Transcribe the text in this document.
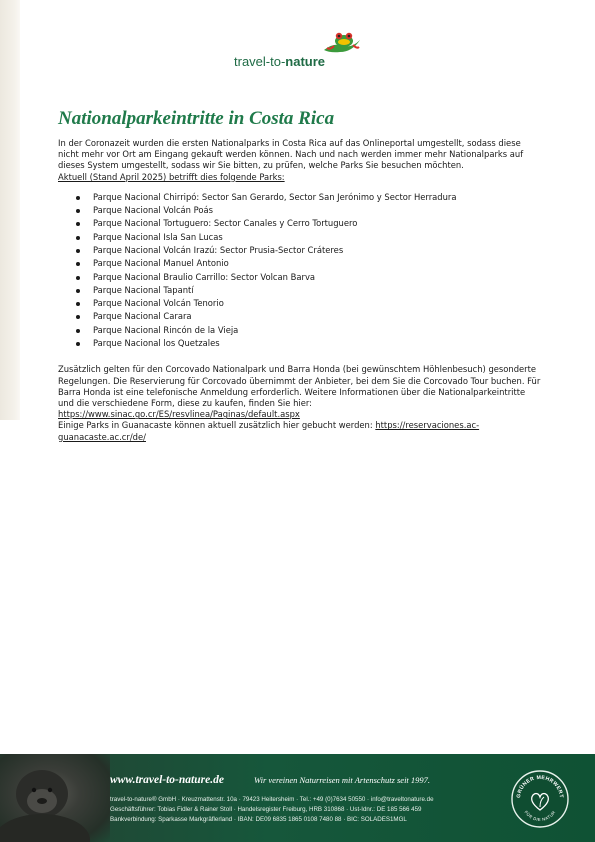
travel-to-nature
Nationalparkeintritte in Costa Rica

In der Coronazeit wurden die ersten Nationalparks in Costa Rica auf das Onlineportal umgestellt, sodass diese nicht mehr vor Ort am Eingang gekauft werden können. Nach und nach werden immer mehr Nationalparks auf dieses System umgestellt, sodass wir Sie bitten, zu prüfen, welche Parks Sie besuchen möchten.

Aktuell (Stand April 2025) betrifft dies folgende Parks:

Parque Nacional Chirripó: Sector San Gerardo, Sector San Jerónimo y Sector Herradura
Parque Nacional Volcán Poás
Parque Nacional Tortuguero: Sector Canales y Cerro Tortuguero
Parque Nacional Isla San Lucas
Parque Nacional Volcán Irazú: Sector Prusia-Sector Cráteres
Parque Nacional Manuel Antonio
Parque Nacional Braulio Carrillo: Sector Volcan Barva
Parque Nacional Tapantí
Parque Nacional Volcán Tenorio
Parque Nacional Carara
Parque Nacional Rincón de la Vieja
Parque Nacional los Quetzales

Zusätzlich gelten für den Corcovado Nationalpark und Barra Honda (bei gewünschtem Höhlenbesuch) gesonderte Regelungen. Die Reservierung für Corcovado übernimmt der Anbieter, bei dem Sie die Corcovado Tour buchen. Für Barra Honda ist eine telefonische Anmeldung erforderlich. Weitere Informationen über die Nationalparkeintritte und die verschiedene Form, diese zu kaufen, finden Sie hier:

https://www.sinac.go.cr/ES/resvlinea/Paginas/default.aspx

Einige Parks in Guanacaste können aktuell zusätzlich hier gebucht werden: https://reservaciones.ac-guanacaste.ac.cr/de/

www.travel-to-nature.de	Wir vereinen Naturreisen mit Artenschutz seit 1997.
travel-to-nature® GmbH · Kreuzmattenstr. 10a · 79423 Heitersheim · Tel.: +49 (0)7634 50550 · info@traveltonature.de
Geschäftsführer: Tobias Fidler & Rainer Stoll · Handelsregister Freiburg, HRB 310868 · Ust-Idnr.: DE 185 566 459
Bankverbindung: Sparkasse Markgräflerland · IBAN: DE09 6835 1865 0108 7480 88 · BIC: SOLADES1MGL
GRÜNER MEHRWERT
FÜR DIE NATUR
